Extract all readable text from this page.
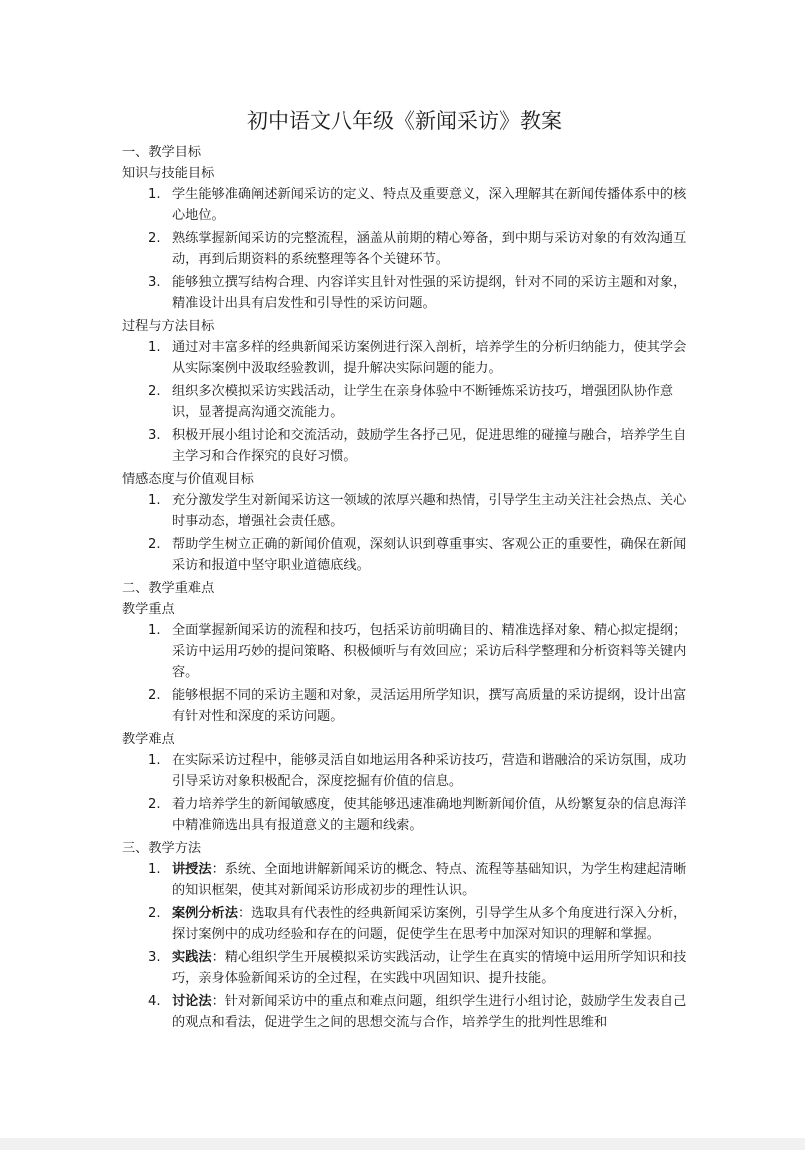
初中语文八年级《新闻采访》教案
一、教学目标
知识与技能目标
1. 学生能够准确阐述新闻采访的定义、特点及重要意义，深入理解其在新闻传播体系中的核心地位。
2. 熟练掌握新闻采访的完整流程，涵盖从前期的精心筹备，到中期与采访对象的有效沟通互动，再到后期资料的系统整理等各个关键环节。
3. 能够独立撰写结构合理、内容详实且针对性强的采访提纲，针对不同的采访主题和对象，精准设计出具有启发性和引导性的采访问题。
过程与方法目标
1. 通过对丰富多样的经典新闻采访案例进行深入剖析，培养学生的分析归纳能力，使其学会从实际案例中汲取经验教训，提升解决实际问题的能力。
2. 组织多次模拟采访实践活动，让学生在亲身体验中不断锤炼采访技巧，增强团队协作意识，显著提高沟通交流能力。
3. 积极开展小组讨论和交流活动，鼓励学生各抒己见，促进思维的碰撞与融合，培养学生自主学习和合作探究的良好习惯。
情感态度与价值观目标
1. 充分激发学生对新闻采访这一领域的浓厚兴趣和热情，引导学生主动关注社会热点、关心时事动态，增强社会责任感。
2. 帮助学生树立正确的新闻价值观，深刻认识到尊重事实、客观公正的重要性，确保在新闻采访和报道中坚守职业道德底线。
二、教学重难点
教学重点
1. 全面掌握新闻采访的流程和技巧，包括采访前明确目的、精准选择对象、精心拟定提纲；采访中运用巧妙的提问策略、积极倾听与有效回应；采访后科学整理和分析资料等关键内容。
2. 能够根据不同的采访主题和对象，灵活运用所学知识，撰写高质量的采访提纲，设计出富有针对性和深度的采访问题。
教学难点
1. 在实际采访过程中，能够灵活自如地运用各种采访技巧，营造和谐融洽的采访氛围，成功引导采访对象积极配合，深度挖掘有价值的信息。
2. 着力培养学生的新闻敏感度，使其能够迅速准确地判断新闻价值，从纷繁复杂的信息海洋中精准筛选出具有报道意义的主题和线索。
三、教学方法
1. 讲授法：系统、全面地讲解新闻采访的概念、特点、流程等基础知识，为学生构建起清晰的知识框架，使其对新闻采访形成初步的理性认识。
2. 案例分析法：选取具有代表性的经典新闻采访案例，引导学生从多个角度进行深入分析，探讨案例中的成功经验和存在的问题，促使学生在思考中加深对知识的理解和掌握。
3. 实践法：精心组织学生开展模拟采访实践活动，让学生在真实的情境中运用所学知识和技巧，亲身体验新闻采访的全过程，在实践中巩固知识、提升技能。
4. 讨论法：针对新闻采访中的重点和难点问题，组织学生进行小组讨论，鼓励学生发表自己的观点和看法，促进学生之间的思想交流与合作，培养学生的批判性思维和
